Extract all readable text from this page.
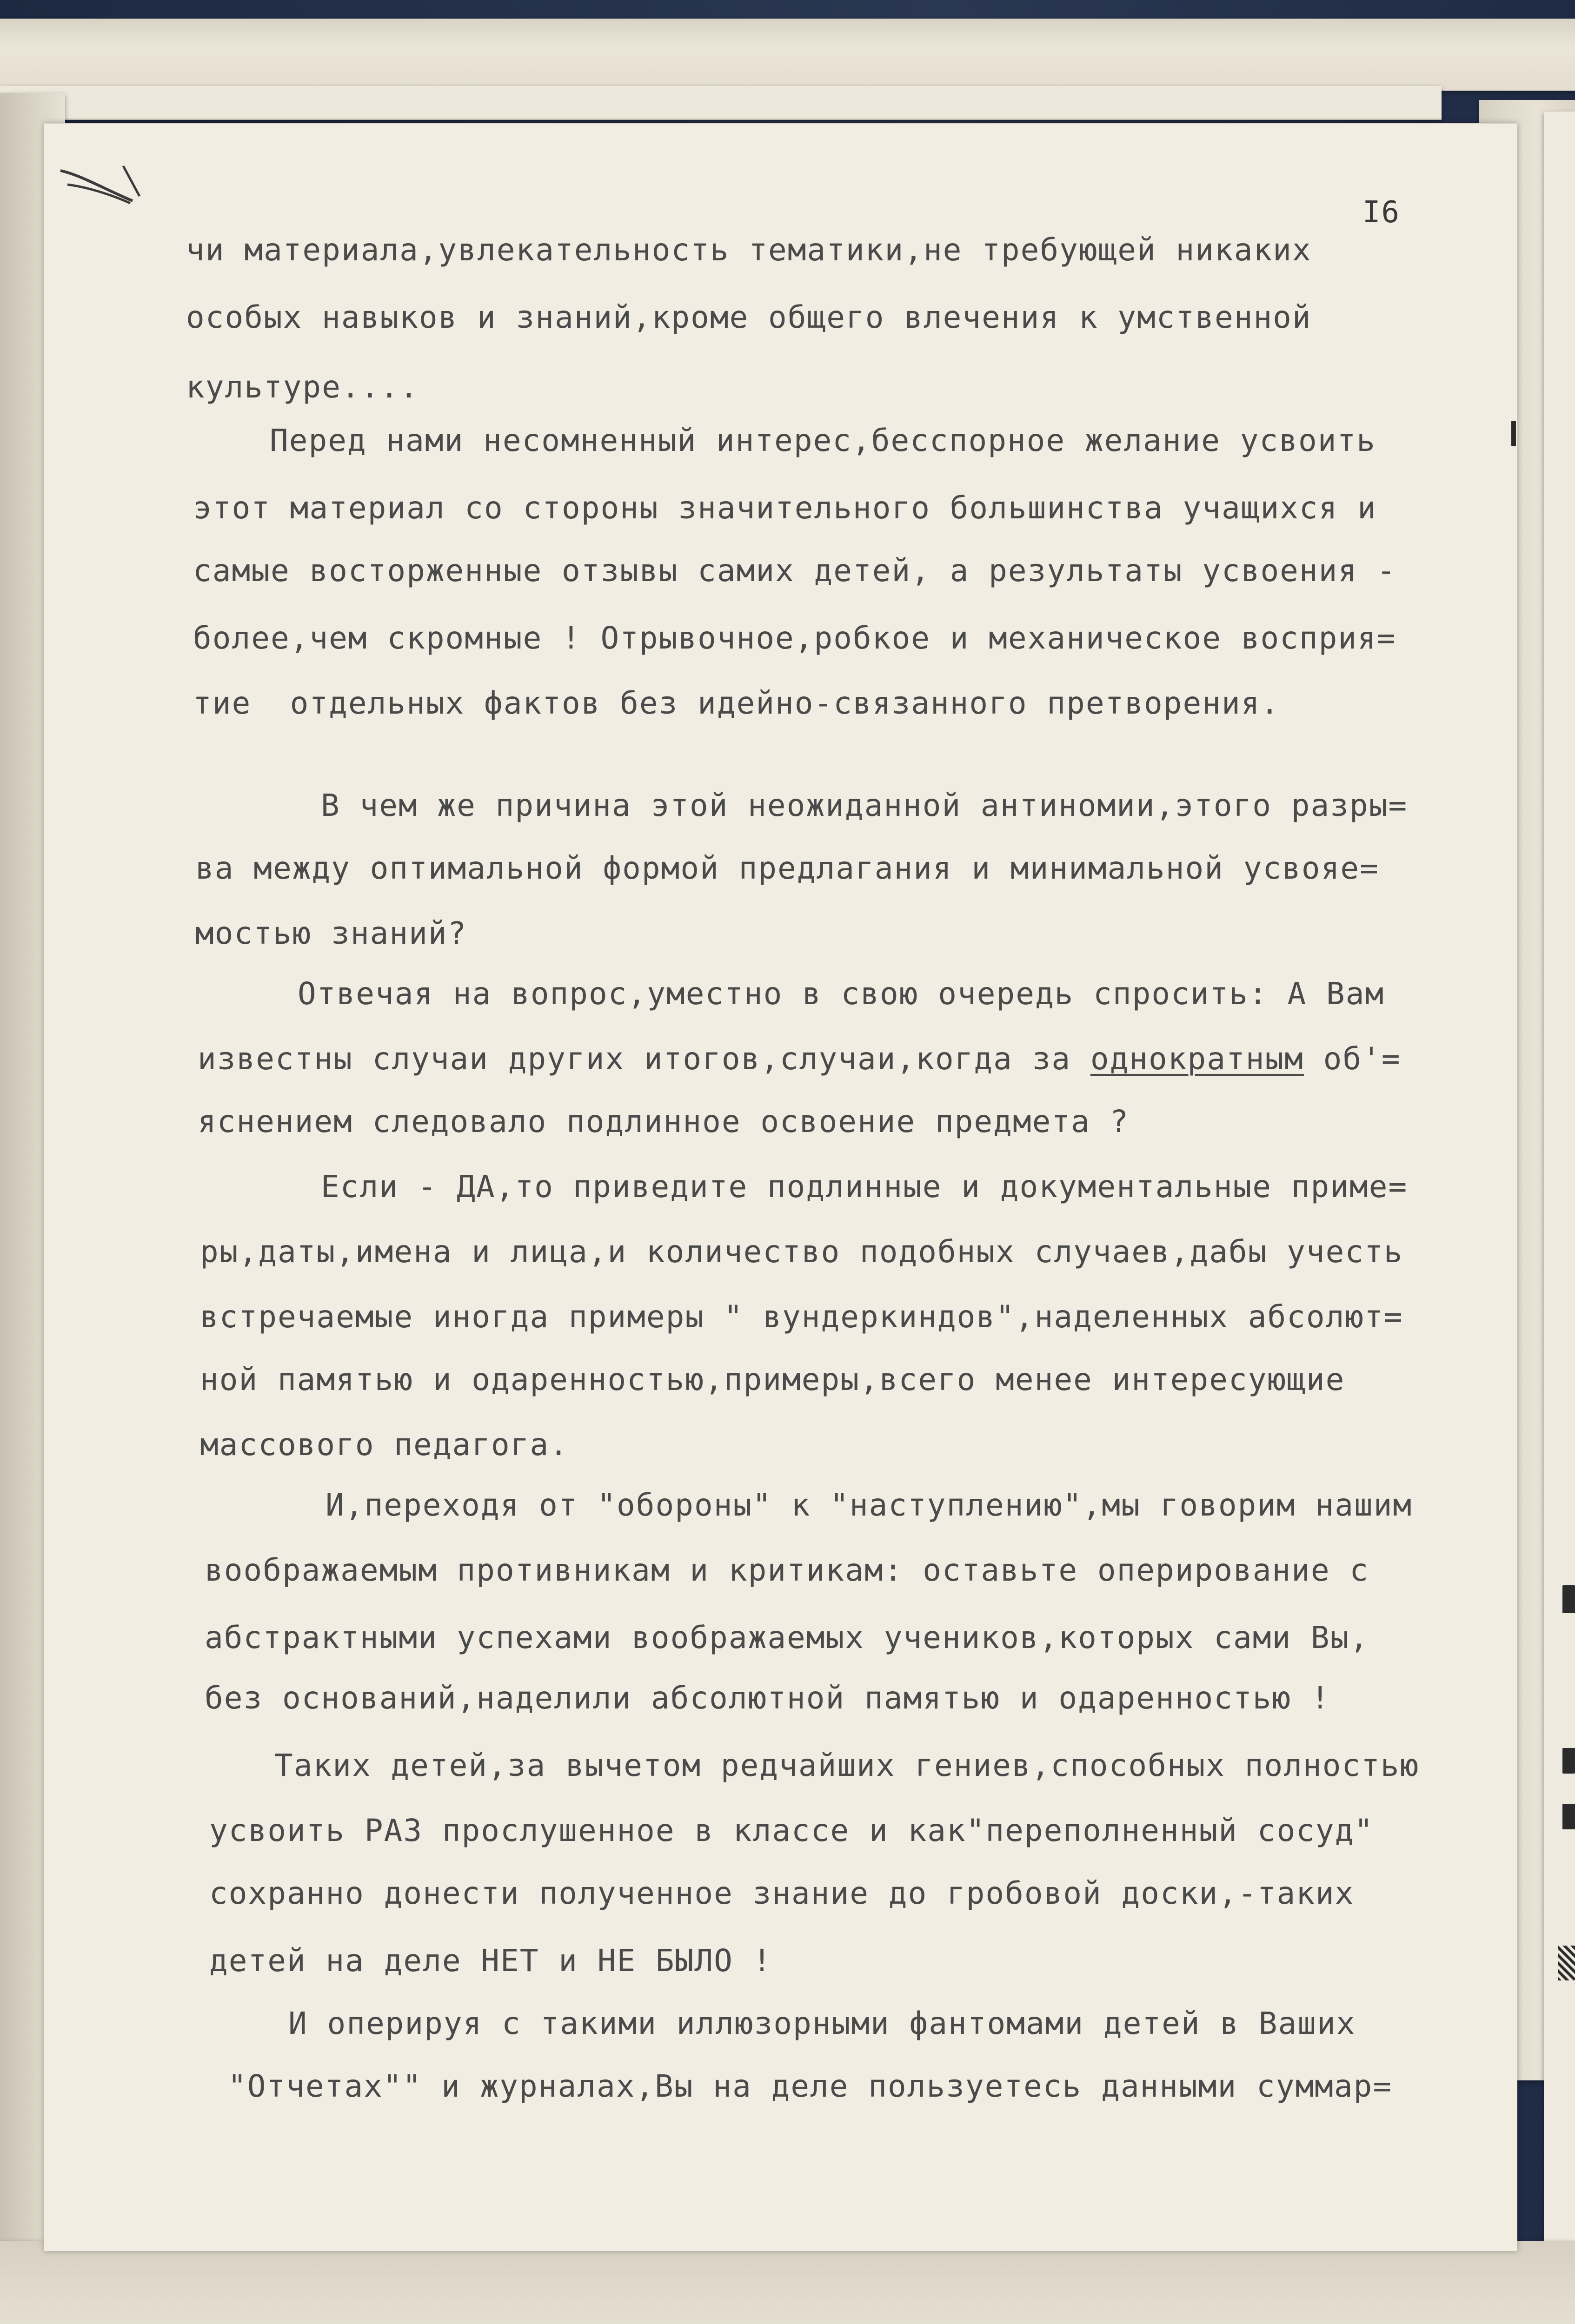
I6
чи материала,увлекательность тематики,не требующей никаких
особых навыков и знаний,кроме общего влечения к умственной
культуре....
Перед нами несомненный интерес,бесспорное желание усвоить
этот материал со стороны значительного большинства учащихся и
самые восторженные отзывы самих детей, а результаты усвоения -
более,чем скромные ! Отрывочное,робкое и механическое восприя=
тие  отдельных фактов без идейно-связанного претворения.
В чем же причина этой неожиданной антиномии,этого разры=
ва между оптимальной формой предлагания и минимальной усвояе=
мостью знаний?
Отвечая на вопрос,уместно в свою очередь спросить: А Вам
известны случаи других итогов,случаи,когда за однократным об'=
яснением следовало подлинное освоение предмета ?
Если - ДА,то приведите подлинные и документальные приме=
ры,даты,имена и лица,и количество подобных случаев,дабы учесть
встречаемые иногда примеры " вундеркиндов",наделенных абсолют=
ной памятью и одаренностью,примеры,всего менее интересующие
массового педагога.
И,переходя от "обороны" к "наступлению",мы говорим нашим
воображаемым противникам и критикам: оставьте оперирование с
абстрактными успехами воображаемых учеников,которых сами Вы,
без оснований,наделили абсолютной памятью и одаренностью !
Таких детей,за вычетом редчайших гениев,способных полностью
усвоить РАЗ прослушенное в классе и как"переполненный сосуд"
сохранно донести полученное знание до гробовой доски,-таких
детей на деле НЕТ и НЕ БЫЛО !
И оперируя с такими иллюзорными фантомами детей в Ваших
"Отчетах"" и журналах,Вы на деле пользуетесь данными суммар=
